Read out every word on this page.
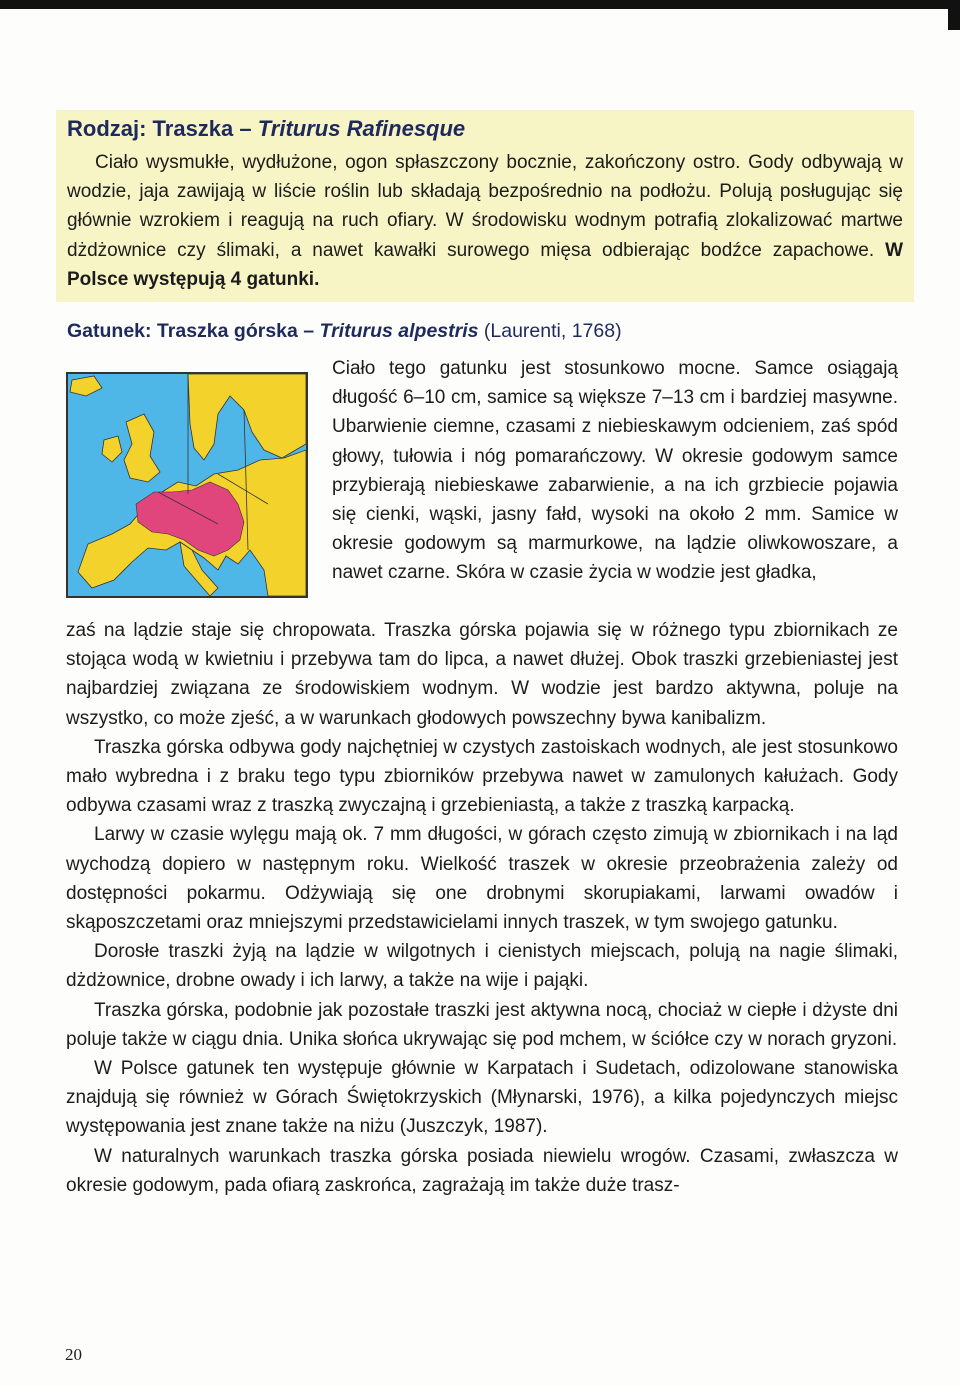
Rodzaj: Traszka – Triturus Rafinesque
Ciało wysmukłe, wydłużone, ogon spłaszczony bocznie, zakończony ostro. Gody odbywają w wodzie, jaja zawijają w liście roślin lub składają bezpośrednio na podłożu. Polują posługując się głównie wzrokiem i reagują na ruch ofiary. W środowisku wodnym potrafią zlokalizować martwe dżdżownice czy ślimaki, a nawet kawałki surowego mięsa odbierając bodźce zapachowe. W Polsce występują 4 gatunki.
Gatunek: Traszka górska – Triturus alpestris (Laurenti, 1768)
Ciało tego gatunku jest stosunkowo mocne. Samce osiągają długość 6–10 cm, samice są większe 7–13 cm i bardziej masywne. Ubarwienie ciemne, czasami z niebieskawym odcieniem, zaś spód głowy, tułowia i nóg pomarańczowy. W okresie godowym samce przybierają niebieskawe zabarwienie, a na ich grzbiecie pojawia się cienki, wąski, jasny fałd, wysoki na około 2 mm. Samice w okresie godowym są marmurkowe, na lądzie oliwkowoszare, a nawet czarne. Skóra w czasie życia w wodzie jest gładka,

zaś na lądzie staje się chropowata. Traszka górska pojawia się w różnego typu zbiornikach ze stojąca wodą w kwietniu i przebywa tam do lipca, a nawet dłużej. Obok traszki grzebieniastej jest najbardziej związana ze środowiskiem wodnym. W wodzie jest bardzo aktywna, poluje na wszystko, co może zjeść, a w warunkach głodowych powszechny bywa kanibalizm.

Traszka górska odbywa gody najchętniej w czystych zastoiskach wodnych, ale jest stosunkowo mało wybredna i z braku tego typu zbiorników przebywa nawet w zamulonych kałużach. Gody odbywa czasami wraz z traszką zwyczajną i grzebieniastą, a także z traszką karpacką.

Larwy w czasie wylęgu mają ok. 7 mm długości, w górach często zimują w zbiornikach i na ląd wychodzą dopiero w następnym roku. Wielkość traszek w okresie przeobrażenia zależy od dostępności pokarmu. Odżywiają się one drobnymi skorupiakami, larwami owadów i skąposzczetami oraz mniejszymi przedstawicielami innych traszek, w tym swojego gatunku.

Dorosłe traszki żyją na lądzie w wilgotnych i cienistych miejscach, polują na nagie ślimaki, dżdżownice, drobne owady i ich larwy, a także na wije i pająki.

Traszka górska, podobnie jak pozostałe traszki jest aktywna nocą, chociaż w ciepłe i dżyste dni poluje także w ciągu dnia. Unika słońca ukrywając się pod mchem, w ściółce czy w norach gryzoni.

W Polsce gatunek ten występuje głównie w Karpatach i Sudetach, odizolowane stanowiska znajdują się również w Górach Świętokrzyskich (Młynarski, 1976), a kilka pojedynczych miejsc występowania jest znane także na niżu (Juszczyk, 1987).

W naturalnych warunkach traszka górska posiada niewielu wrogów. Czasami, zwłaszcza w okresie godowym, pada ofiarą zaskrońca, zagrażają im także duże trasz-

20
